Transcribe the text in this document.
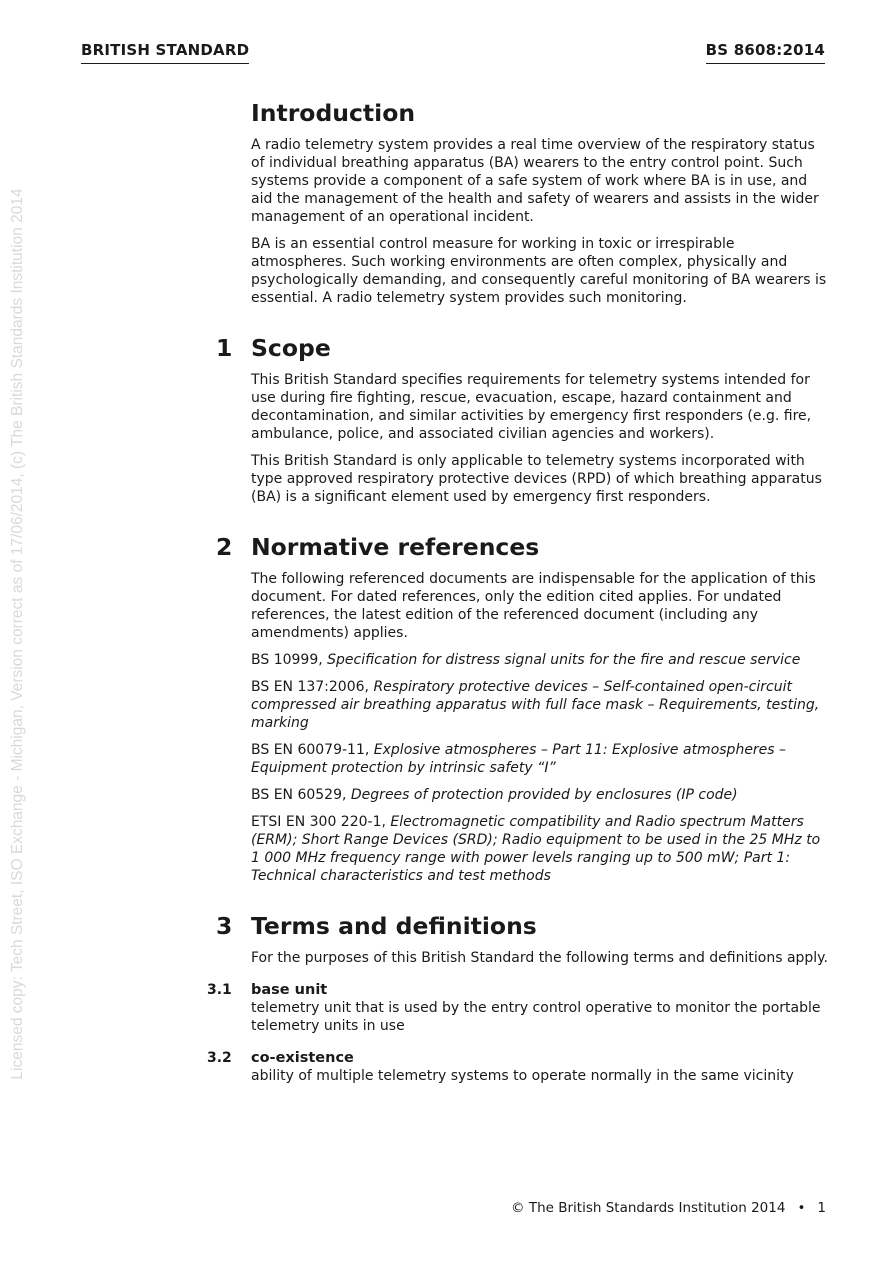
BRITISH STANDARD	BS 8608:2014
Licensed copy: Tech Street, ISO Exchange - Michigan, Version correct as of 17/06/2014, (c) The British Standards Institution 2014
Introduction

A radio telemetry system provides a real time overview of the respiratory status of individual breathing apparatus (BA) wearers to the entry control point. Such systems provide a component of a safe system of work where BA is in use, and aid the management of the health and safety of wearers and assists in the wider management of an operational incident.

BA is an essential control measure for working in toxic or irrespirable atmospheres. Such working environments are often complex, physically and psychologically demanding, and consequently careful monitoring of BA wearers is essential. A radio telemetry system provides such monitoring.

1 Scope

This British Standard specifies requirements for telemetry systems intended for use during fire fighting, rescue, evacuation, escape, hazard containment and decontamination, and similar activities by emergency first responders (e.g. fire, ambulance, police, and associated civilian agencies and workers).

This British Standard is only applicable to telemetry systems incorporated with type approved respiratory protective devices (RPD) of which breathing apparatus (BA) is a significant element used by emergency first responders.

2 Normative references

The following referenced documents are indispensable for the application of this document. For dated references, only the edition cited applies. For undated references, the latest edition of the referenced document (including any amendments) applies.

BS 10999, Specification for distress signal units for the fire and rescue service

BS EN 137:2006, Respiratory protective devices – Self-contained open-circuit compressed air breathing apparatus with full face mask – Requirements, testing, marking

BS EN 60079-11, Explosive atmospheres – Part 11: Explosive atmospheres – Equipment protection by intrinsic safety “I”

BS EN 60529, Degrees of protection provided by enclosures (IP code)

ETSI EN 300 220-1, Electromagnetic compatibility and Radio spectrum Matters (ERM); Short Range Devices (SRD); Radio equipment to be used in the 25 MHz to 1 000 MHz frequency range with power levels ranging up to 500 mW; Part 1: Technical characteristics and test methods

3 Terms and definitions

For the purposes of this British Standard the following terms and definitions apply.

3.1 base unit
telemetry unit that is used by the entry control operative to monitor the portable telemetry units in use
3.2 co-existence
ability of multiple telemetry systems to operate normally in the same vicinity
© The British Standards Institution 2014 • 1
